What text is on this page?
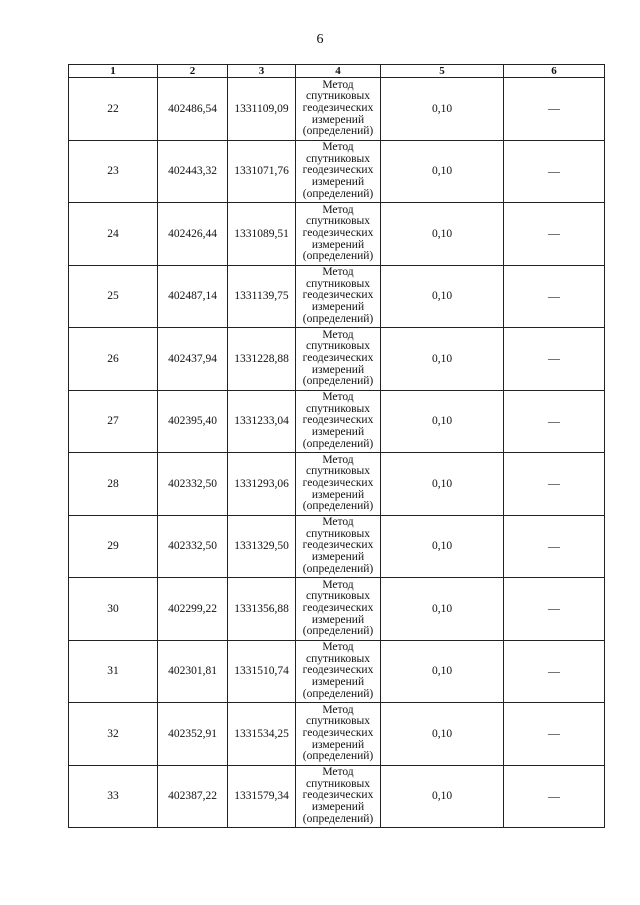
6
1	2	3	4	5	6
22	402486,54	1331109,09	Метод
спутниковых
геодезических
измерений
(определений)	0,10	—
23	402443,32	1331071,76	Метод
спутниковых
геодезических
измерений
(определений)	0,10	—
24	402426,44	1331089,51	Метод
спутниковых
геодезических
измерений
(определений)	0,10	—
25	402487,14	1331139,75	Метод
спутниковых
геодезических
измерений
(определений)	0,10	—
26	402437,94	1331228,88	Метод
спутниковых
геодезических
измерений
(определений)	0,10	—
27	402395,40	1331233,04	Метод
спутниковых
геодезических
измерений
(определений)	0,10	—
28	402332,50	1331293,06	Метод
спутниковых
геодезических
измерений
(определений)	0,10	—
29	402332,50	1331329,50	Метод
спутниковых
геодезических
измерений
(определений)	0,10	—
30	402299,22	1331356,88	Метод
спутниковых
геодезических
измерений
(определений)	0,10	—
31	402301,81	1331510,74	Метод
спутниковых
геодезических
измерений
(определений)	0,10	—
32	402352,91	1331534,25	Метод
спутниковых
геодезических
измерений
(определений)	0,10	—
33	402387,22	1331579,34	Метод
спутниковых
геодезических
измерений
(определений)	0,10	—
